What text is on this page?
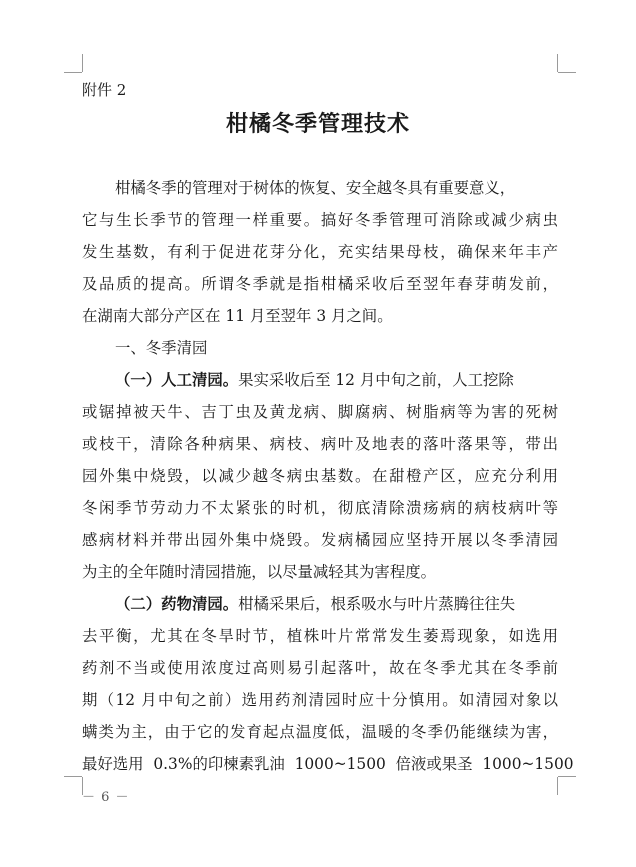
附件 2
柑橘冬季管理技术
柑橘冬季的管理对于树体的恢复、安全越冬具有重要意义，
它与生长季节的管理一样重要。搞好冬季管理可消除或减少病虫
发生基数，有利于促进花芽分化，充实结果母枝，确保来年丰产
及品质的提高。所谓冬季就是指柑橘采收后至翌年春芽萌发前，
在湖南大部分产区在 11 月至翌年 3 月之间。
一、冬季清园
（一）人工清园。果实采收后至 12 月中旬之前，人工挖除
或锯掉被天牛、吉丁虫及黄龙病、脚腐病、树脂病等为害的死树
或枝干，清除各种病果、病枝、病叶及地表的落叶落果等，带出
园外集中烧毁，以减少越冬病虫基数。在甜橙产区，应充分利用
冬闲季节劳动力不太紧张的时机，彻底清除溃疡病的病枝病叶等
感病材料并带出园外集中烧毁。发病橘园应坚持开展以冬季清园
为主的全年随时清园措施，以尽量减轻其为害程度。
（二）药物清园。柑橘采果后，根系吸水与叶片蒸腾往往失
去平衡，尤其在冬旱时节，植株叶片常常发生萎焉现象，如选用
药剂不当或使用浓度过高则易引起落叶，故在冬季尤其在冬季前
期（12 月中旬之前）选用药剂清园时应十分慎用。如清园对象以
螨类为主，由于它的发育起点温度低，温暖的冬季仍能继续为害，
最好选用  0.3%的印楝素乳油  1000~1500  倍液或果圣  1000~1500
－ 6 －
